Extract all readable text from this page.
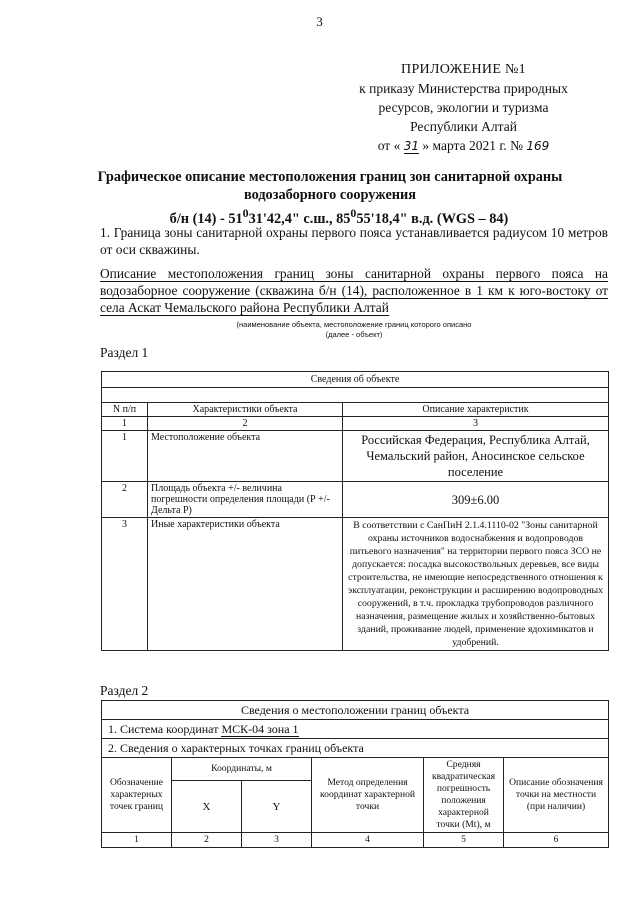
3
ПРИЛОЖЕНИЕ №1
к приказу Министерства природных
ресурсов, экологии и туризма
Республики Алтай
от « 31 » марта 2021 г. № 169
Графическое описание местоположения границ зон санитарной охраны
водозаборного сооружения
б/н $(14) - 51^031'42,4$" с.ш., $85^055'18,4$" в.д. (WGS – 84)
1. Граница зоны санитарной охраны первого пояса устанавливается радиусом 10 метров от оси скважины.
Описание местоположения границ зоны санитарной охраны первого пояса на водозаборное сооружение (скважина б/н (14), расположенное в 1 км к юго-востоку от села Аскат Чемальского района Республики Алтай
(наименование объекта, местоположение границ которого описано
(далее - объект)
Раздел 1
Сведения об объекте		

N п/п	Характеристики объекта	Описание характеристик
1	2	3
1	Местоположение объекта	Российская Федерация, Республика Алтай, Чемальский район, Аносинское сельское поселение
2	Площадь объекта +/- величина погрешности определения площади (Р +/- Дельта Р)	309±6.00
3	Иные характеристики объекта	В соответствии с СанПиН 2.1.4.1110-02 "Зоны санитарной охраны источников водоснабжения и водопроводов питьевого назначения" на территории первого пояса ЗСО не допускается: посадка высокоствольных деревьев, все виды строительства, не имеющие непосредственного отношения к эксплуатации, реконструкции и расширению водопроводных сооружений, в т.ч. прокладка трубопроводов различного назначения, размещение жилых и хозяйственно-бытовых зданий, проживание людей, применение ядохимикатов и удобрений.
Раздел 2
Сведения о местоположении границ объекта					
1. Система координат МСК-04 зона 1					
2. Сведения о характерных точках границ объекта					
Обозначение характерных точек границ	Координаты, м		Метод определения координат характерной точки	Средняя квадратическая погрешность положения характерной точки (Mt), м	Описание обозначения точки на местности (при наличии)
	X	Y			
1	2	3	4	5	6
